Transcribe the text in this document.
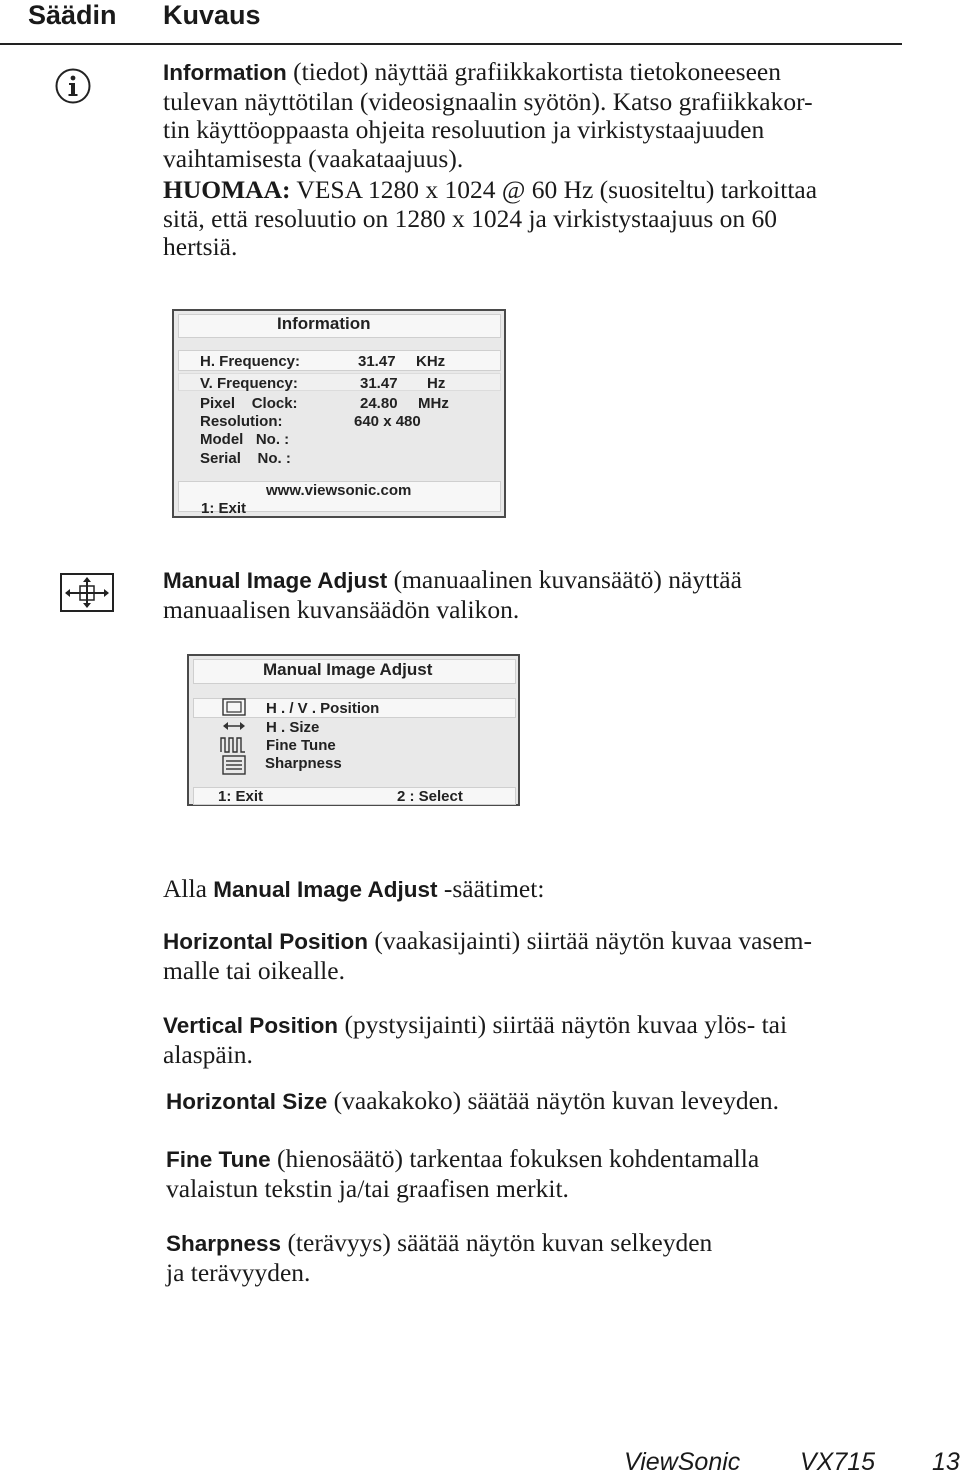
Säädin Kuvaus
Information (tiedot) näyttää grafiikkakortista tietokoneeseen
tulevan näyttötilan (videosignaalin syötön). Katso grafiikkakor-
tin käyttöoppaasta ohjeita resoluution ja virkistystaajuuden
vaihtamisesta (vaakataajuus).
HUOMAA: VESA 1280 x 1024 @ 60 Hz (suositeltu) tarkoittaa
sitä, että resoluutio on 1280 x 1024 ja virkistystaajuus on 60
hertsiä.
Information
H. Frequency:	31.47 KHz
V. Frequency:	31.47 Hz
Pixel    Clock:	24.80 MHz
Resolution:	640 x 480
Model   No. :
Serial    No. :
www.viewsonic.com
1: Exit
Manual Image Adjust (manuaalinen kuvansäätö) näyttää
manuaalisen kuvansäädön valikon.
Manual Image Adjust
H . / V . Position
H . Size
Fine Tune
Sharpness
1: Exit	2 : Select
Alla Manual Image Adjust -säätimet:
Horizontal Position (vaakasijainti) siirtää näytön kuvaa vasem-
malle tai oikealle.
Vertical Position (pystysijainti) siirtää näytön kuvaa ylös- tai
alaspäin.
Horizontal Size (vaakakoko) säätää näytön kuvan leveyden.
Fine Tune (hienosäätö) tarkentaa fokuksen kohdentamalla
valaistun tekstin ja/tai graafisen merkit.
Sharpness (terävyys) säätää näytön kuvan selkeyden
ja terävyyden.
ViewSonic VX715 13
